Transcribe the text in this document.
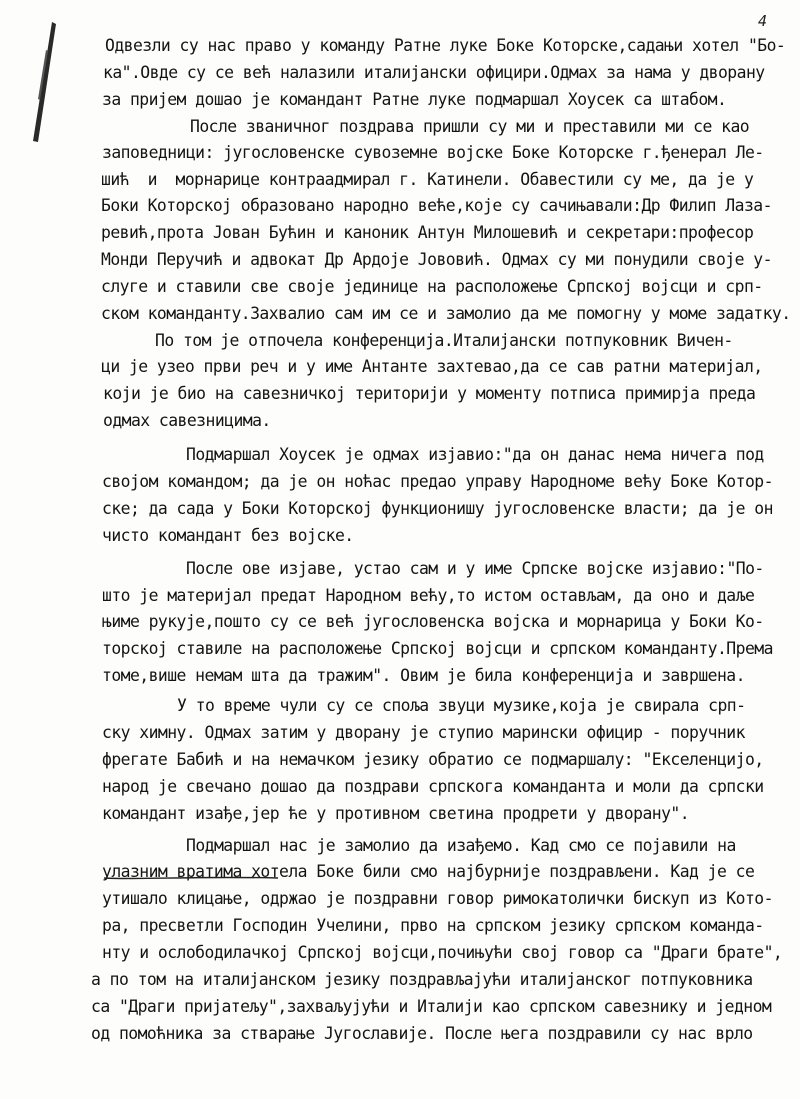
4
Одвезли су нас право у команду Ратне луке Боке Которске,садањи хотел "Бо-
ка".Овде су се већ налазили италијански официри.Одмах за нама у дворану
за пријем дошао је командант Ратне луке подмаршал Хоусек са штабом.
После званичног поздрава пришли су ми и преставили ми се као
заповедници: југословенске сувоземне војске Боке Которске г.ђенерал Ле-
шић  и  морнарице контраадмирал г. Катинели. Обавестили су ме, да је у
Боки Которској образовано народно веће,које су сачињавали:Др Филип Лаза-
ревић,прота Јован Бућин и каноник Антун Милошевић и секретари:професор
Монди Перучић и адвокат Др Ардоје Јововић. Одмах су ми понудили своје у-
слуге и ставили све своје јединице на расположење Српској војсци и срп-
ском команданту.Захвалио сам им се и замолио да ме помогну у моме задатку.
По том је отпочела конференција.Италијански потпуковник Вичен-
ци је узео први реч и у име Антанте захтевао,да се сав ратни материјал,
који је био на савезничкој територији у моменту потписа примирја преда
одмах савезницима.
Подмаршал Хоусек је одмах изјавио:"да он данас нема ничега под
својом командом; да је он ноћас предао управу Народноме већу Боке Котор-
ске; да сада у Боки Которској функционишу југословенске власти; да је он
чисто командант без војске.
После ове изјаве, устао сам и у име Српске војске изјавио:"По-
што је материјал предат Народном већу,то истом остављам, да оно и даље
њиме рукује,пошто су се већ југословенска војска и морнарица у Боки Ко-
торској ставиле на расположење Српској војсци и српском команданту.Према
томе,више немам шта да тражим". Овим је била конференција и завршена.
У то време чули су се споља звуци музике,која је свирала срп-
ску химну. Одмах затим у дворану је ступио марински официр - поручник
фрегате Бабић и на немачком језику обратио се подмаршалу: "Екселенцијо,
народ је свечано дошао да поздрави српскога команданта и моли да српски
командант изађе,јер ће у противном светина продрети у дворану".
Подмаршал нас је замолио да изађемо. Кад смо се појавили на
улазним вратима хотела Боке били смо најбурније поздрављени. Кад је се
утишало клицање, одржао је поздравни говор римокатолички бискуп из Кото-
ра, пресветли Господин Учелини, прво на српском језику српском команда-
нту и ослободилачкој Српској војсци,почињући свој говор са "Драги брате",
а по том на италијанском језику поздрављајући италијанског потпуковника
са "Драги пријатељу",захваљујући и Италији као српском савезнику и једном
од помоћника за стварање Југославије. После њега поздравили су нас врло
